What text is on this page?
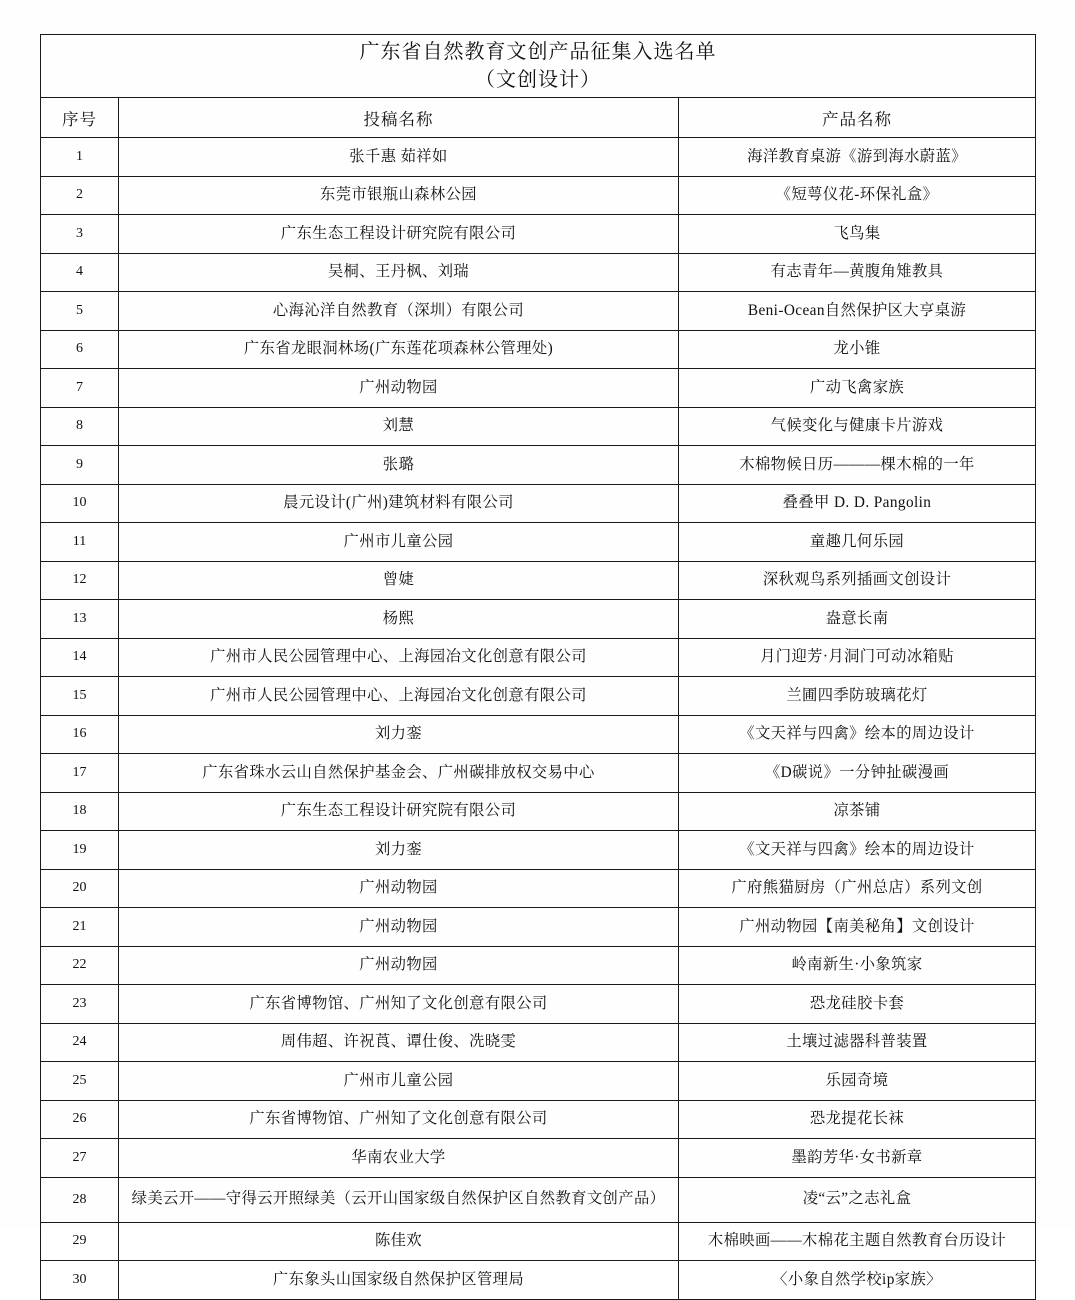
广东省自然教育文创产品征集入选名单
（文创设计）		

序号	投稿名称	产品名称
1	张千惠 茹祥如	海洋教育桌游《游到海水蔚蓝》
2	东莞市银瓶山森林公园	《短萼仪花-环保礼盒》
3	广东生态工程设计研究院有限公司	飞鸟集
4	吴桐、王丹枫、刘瑞	有志青年—黄腹角雉教具
5	心海沁洋自然教育（深圳）有限公司	Beni-Ocean自然保护区大亨桌游
6	广东省龙眼洞林场(广东莲花项森林公管理处)	龙小锥
7	广州动物园	广动飞禽家族
8	刘慧	气候变化与健康卡片游戏
9	张璐	木棉物候日历———棵木棉的一年
10	晨元设计(广州)建筑材料有限公司	叠叠甲 D. D. Pangolin
11	广州市儿童公园	童趣几何乐园
12	曾婕	深秋观鸟系列插画文创设计
13	杨熙	盎意长南
14	广州市人民公园管理中心、上海园冶文化创意有限公司	月门迎芳·月洞门可动冰箱贴
15	广州市人民公园管理中心、上海园冶文化创意有限公司	兰圃四季防玻璃花灯
16	刘力銮	《文天祥与四禽》绘本的周边设计
17	广东省珠水云山自然保护基金会、广州碳排放权交易中心	《D碳说》一分钟扯碳漫画
18	广东生态工程设计研究院有限公司	凉茶铺
19	刘力銮	《文天祥与四禽》绘本的周边设计
20	广州动物园	广府熊猫厨房（广州总店）系列文创
21	广州动物园	广州动物园【南美秘角】文创设计
22	广州动物园	岭南新生·小象筑家
23	广东省博物馆、广州知了文化创意有限公司	恐龙硅胶卡套
24	周伟超、许祝莨、谭仕俊、冼晓雯	土壤过滤器科普装置
25	广州市儿童公园	乐园奇境
26	广东省博物馆、广州知了文化创意有限公司	恐龙提花长袜
27	华南农业大学	墨韵芳华·女书新章
28	绿美云开——守得云开照绿美（云开山国家级自然保护区自然教育文创产品）	凌“云”之志礼盒
29	陈佳欢	木棉映画——木棉花主题自然教育台历设计
30	广东象头山国家级自然保护区管理局	〈小象自然学校ip家族〉
